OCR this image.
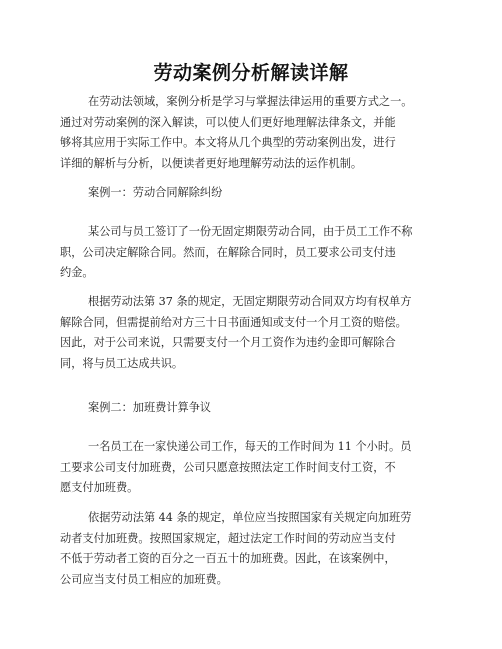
劳动案例分析解读详解
在劳动法领域，案例分析是学习与掌握法律运用的重要方式之一。
通过对劳动案例的深入解读，可以使人们更好地理解法律条文，并能
够将其应用于实际工作中。本文将从几个典型的劳动案例出发，进行
详细的解析与分析，以便读者更好地理解劳动法的运作机制。
案例一：劳动合同解除纠纷
某公司与员工签订了一份无固定期限劳动合同，由于员工工作不称
职，公司决定解除合同。然而，在解除合同时，员工要求公司支付违
约金。
根据劳动法第 37 条的规定，无固定期限劳动合同双方均有权单方
解除合同，但需提前给对方三十日书面通知或支付一个月工资的赔偿。
因此，对于公司来说，只需要支付一个月工资作为违约金即可解除合
同，将与员工达成共识。
案例二：加班费计算争议
一名员工在一家快递公司工作，每天的工作时间为 11 个小时。员
工要求公司支付加班费，公司只愿意按照法定工作时间支付工资，不
愿支付加班费。
依据劳动法第 44 条的规定，单位应当按照国家有关规定向加班劳
动者支付加班费。按照国家规定，超过法定工作时间的劳动应当支付
不低于劳动者工资的百分之一百五十的加班费。因此，在该案例中，
公司应当支付员工相应的加班费。
